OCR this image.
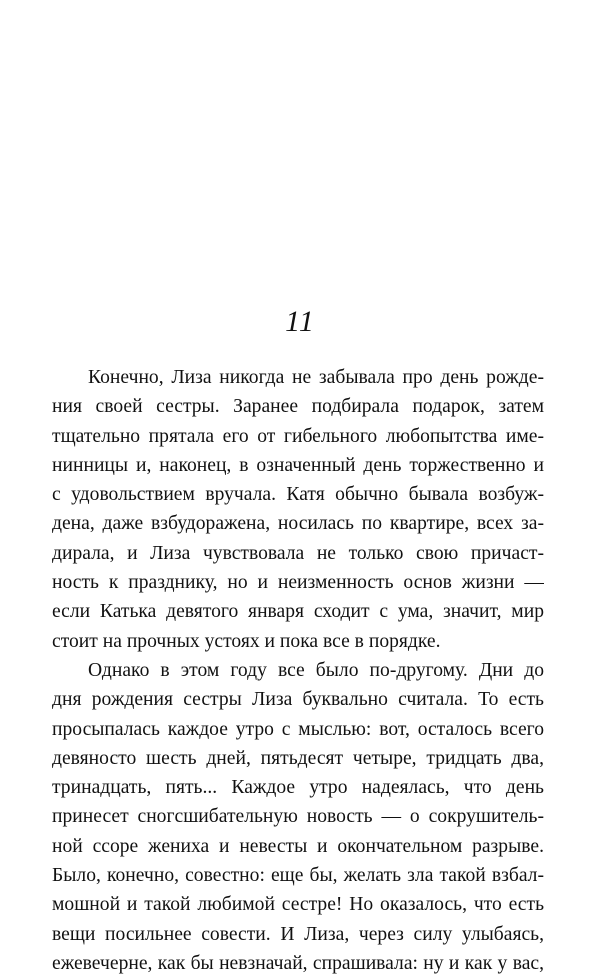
11
Конечно, Лиза никогда не забывала про день рожде-
ния своей сестры. Заранее подбирала подарок, затем
тщательно прятала его от гибельного любопытства име-
нинницы и, наконец, в означенный день торжественно и
с удовольствием вручала. Катя обычно бывала возбуж-
дена, даже взбудоражена, носилась по квартире, всех за-
дирала, и Лиза чувствовала не только свою причаст-
ность к празднику, но и неизменность основ жизни —
если Катька девятого января сходит с ума, значит, мир
стоит на прочных устоях и пока все в порядке.
Однако в этом году все было по-другому. Дни до
дня рождения сестры Лиза буквально считала. То есть
просыпалась каждое утро с мыслью: вот, осталось всего
девяносто шесть дней, пятьдесят четыре, тридцать два,
тринадцать, пять... Каждое утро надеялась, что день
принесет сногсшибательную новость — о сокрушитель-
ной ссоре жениха и невесты и окончательном разрыве.
Было, конечно, совестно: еще бы, желать зла такой взбал-
мошной и такой любимой сестре! Но оказалось, что есть
вещи посильнее совести. И Лиза, через силу улыбаясь,
ежевечерне, как бы невзначай, спрашивала: ну и как у вас,
